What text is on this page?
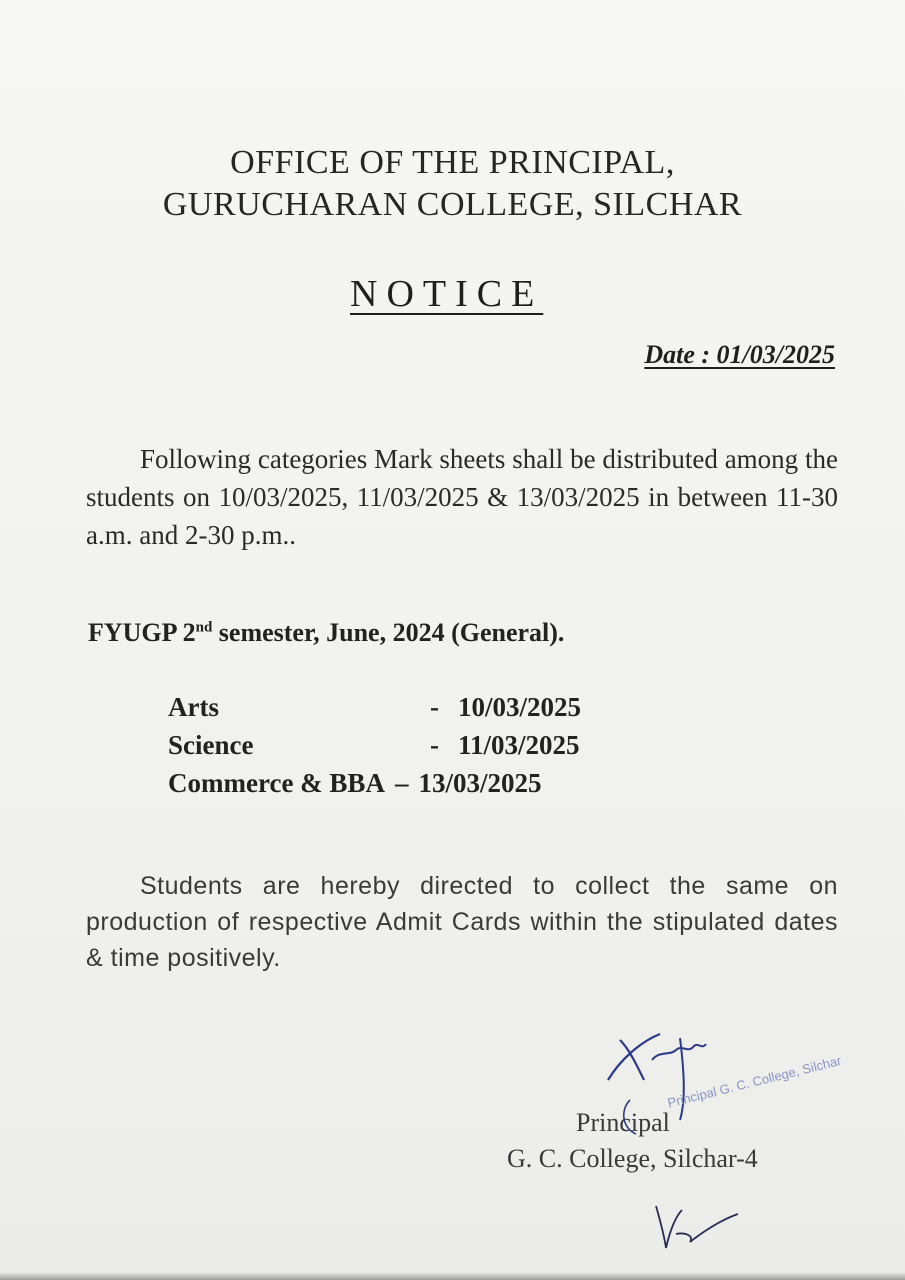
OFFICE OF THE PRINCIPAL,
GURUCHARAN COLLEGE, SILCHAR
NOTICE
Date : 01/03/2025
Following categories Mark sheets shall be distributed among the students on 10/03/2025, 11/03/2025 & 13/03/2025 in between 11-30 a.m. and 2-30 p.m..
FYUGP 2nd semester, June, 2024 (General).
Arts	- 10/03/2025
Science	- 11/03/2025
Commerce & BBA – 13/03/2025
Students are hereby directed to collect the same on production of respective Admit Cards within the stipulated dates & time positively.
Principal G. C. College, Silchar
Principal
G. C. College, Silchar-4
